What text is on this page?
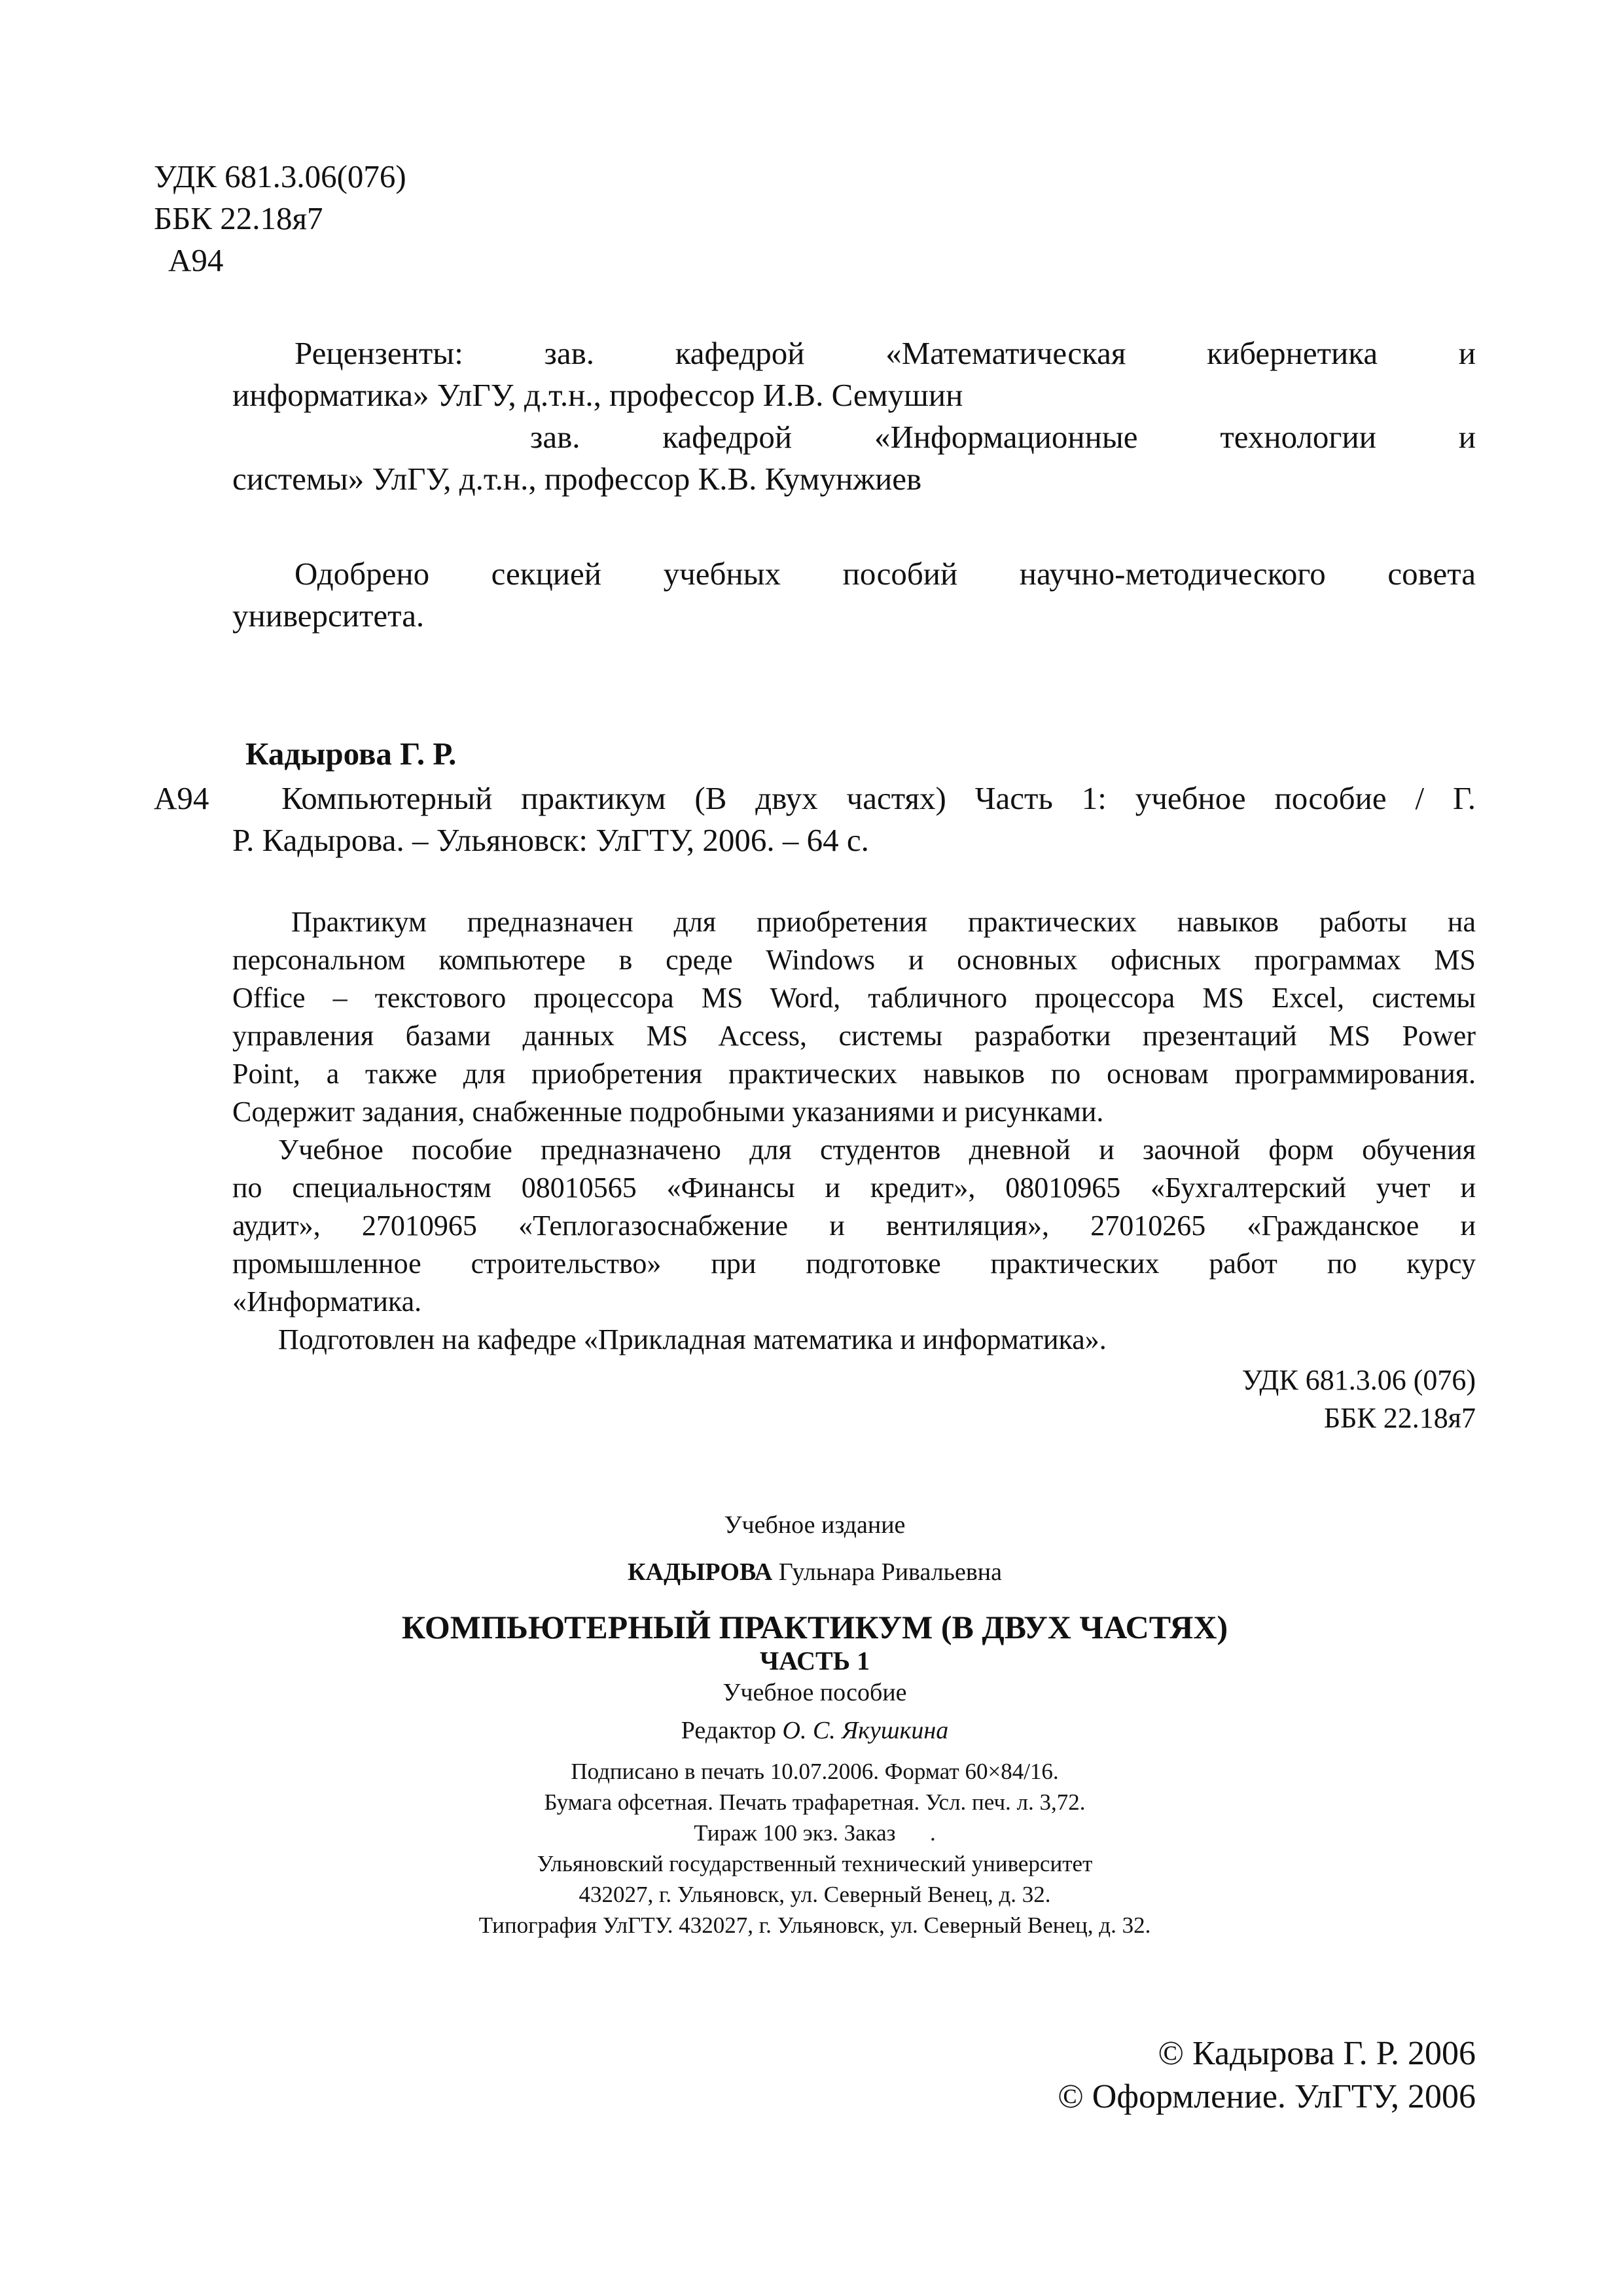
УДК 681.3.06(076)
ББК 22.18я7
А94
Рецензенты:	зав. кафедрой «Математическая кибернетика и
информатика» УлГУ, д.т.н., профессор И.В. Семушин
зав. кафедрой «Информационные технологии и
системы» УлГУ, д.т.н., профессор К.В. Кумунжиев
Одобрено секцией учебных пособий научно-методического совета
университета.
Кадырова Г. Р.
А94 Компьютерный практикум (В двух частях) Часть 1: учебное пособие / Г.
Р. Кадырова. – Ульяновск: УлГТУ, 2006. – 64 с.
Практикум предназначен для приобретения практических навыков работы на
персональном компьютере в среде Windows и основных офисных программах MS
Office – текстового процессора MS Word, табличного процессора MS Excel, системы
управления базами данных MS Access, системы разработки презентаций MS Power
Point, а также для приобретения практических навыков по основам программирования.
Содержит задания, снабженные подробными указаниями и рисунками.
Учебное пособие предназначено для студентов дневной и заочной форм обучения
по специальностям 08010565 «Финансы и кредит», 08010965 «Бухгалтерский учет и
аудит», 27010965 «Теплогазоснабжение и вентиляция», 27010265 «Гражданское и
промышленное строительство» при подготовке практических работ по курсу
«Информатика.
Подготовлен на кафедре «Прикладная математика и информатика».
УДК 681.3.06 (076)
ББК 22.18я7
Учебное издание
КАДЫРОВА Гульнара Ривальевна
КОМПЬЮТЕРНЫЙ ПРАКТИКУМ (В ДВУХ ЧАСТЯХ)
ЧАСТЬ 1
Учебное пособие
Редактор О. С. Якушкина
Подписано в печать 10.07.2006. Формат 60×84/16.
Бумага офсетная. Печать трафаретная. Усл. печ. л. 3,72.
Тираж 100 экз. Заказ      .
Ульяновский государственный технический университет
432027, г. Ульяновск, ул. Северный Венец, д. 32.
Типография УлГТУ. 432027, г. Ульяновск, ул. Северный Венец, д. 32.
© Кадырова Г. Р. 2006
© Оформление. УлГТУ, 2006
